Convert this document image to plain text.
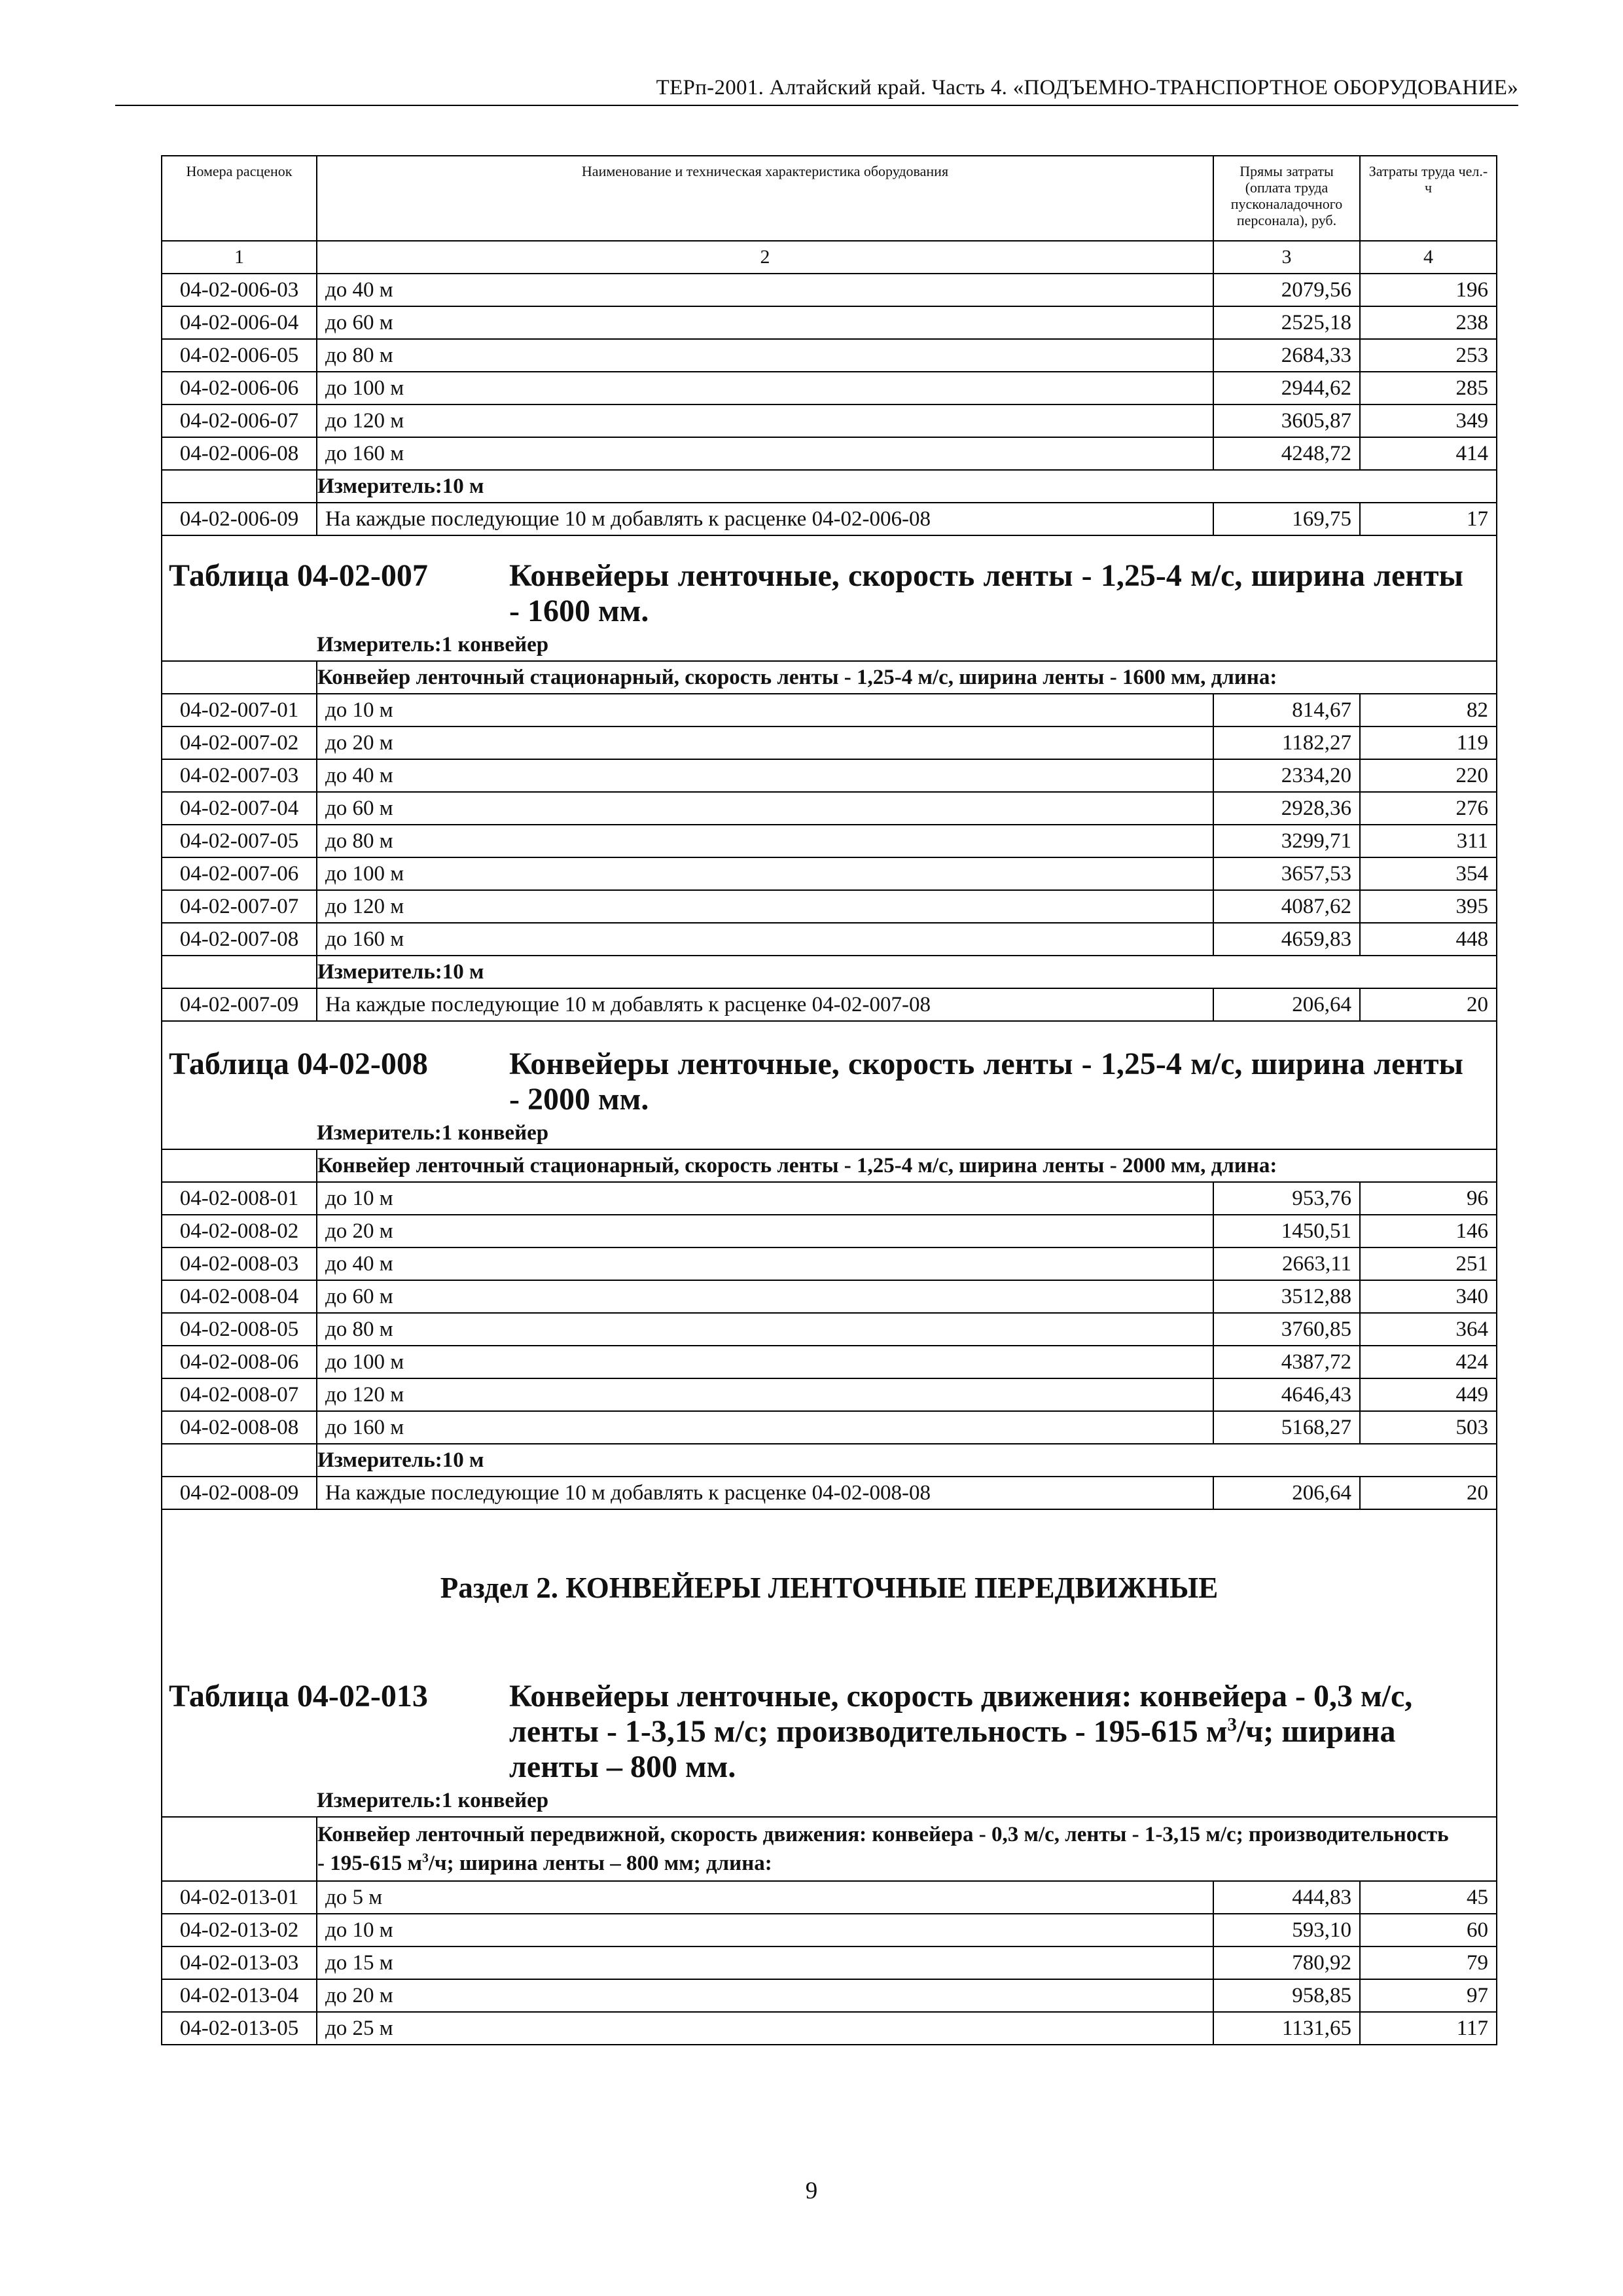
ТЕРп-2001. Алтайский край. Часть 4. «ПОДЪЕМНО-ТРАНСПОРТНОЕ ОБОРУДОВАНИЕ»
Номера расценок	Наименование и техническая характеристика оборудования	Прямы затраты (оплата труда пусконаладочного персонала), руб.	Затраты труда чел.-ч
1	2	3	4
04-02-006-03	до 40 м	2079,56	196
04-02-006-04	до 60 м	2525,18	238
04-02-006-05	до 80 м	2684,33	253
04-02-006-06	до 100 м	2944,62	285
04-02-006-07	до 120 м	3605,87	349
04-02-006-08	до 160 м	4248,72	414
	Измеритель:10 м		
04-02-006-09	На каждые последующие 10 м добавлять к расценке 04-02-006-08	169,75	17

Таблица 04-02-007 Конвейеры ленточные, скорость ленты - 1,25-4 м/с, ширина ленты - 1600 мм.			

	Измеритель:1 конвейер		
	Конвейер ленточный стационарный, скорость ленты - 1,25-4 м/с, ширина ленты - 1600 мм, длина:		
04-02-007-01	до 10 м	814,67	82
04-02-007-02	до 20 м	1182,27	119
04-02-007-03	до 40 м	2334,20	220
04-02-007-04	до 60 м	2928,36	276
04-02-007-05	до 80 м	3299,71	311
04-02-007-06	до 100 м	3657,53	354
04-02-007-07	до 120 м	4087,62	395
04-02-007-08	до 160 м	4659,83	448
	Измеритель:10 м		
04-02-007-09	На каждые последующие 10 м добавлять к расценке 04-02-007-08	206,64	20

Таблица 04-02-008 Конвейеры ленточные, скорость ленты - 1,25-4 м/с, ширина ленты - 2000 мм.			

	Измеритель:1 конвейер		
	Конвейер ленточный стационарный, скорость ленты - 1,25-4 м/с, ширина ленты - 2000 мм, длина:		
04-02-008-01	до 10 м	953,76	96
04-02-008-02	до 20 м	1450,51	146
04-02-008-03	до 40 м	2663,11	251
04-02-008-04	до 60 м	3512,88	340
04-02-008-05	до 80 м	3760,85	364
04-02-008-06	до 100 м	4387,72	424
04-02-008-07	до 120 м	4646,43	449
04-02-008-08	до 160 м	5168,27	503
	Измеритель:10 м		
04-02-008-09	На каждые последующие 10 м добавлять к расценке 04-02-008-08	206,64	20

Раздел 2. КОНВЕЙЕРЫ ЛЕНТОЧНЫЕ ПЕРЕДВИЖНЫЕ
Таблица 04-02-013 Конвейеры ленточные, скорость движения: конвейера - 0,3 м/с, ленты - 1-3,15 м/с; производительность - 195-615 $м^3/ч$; ширина ленты – 800 мм.			

	Измеритель:1 конвейер		
	Конвейер ленточный передвижной, скорость движения: конвейера - 0,3 м/с, ленты - 1-3,15 м/с; производительность - 195-615 $м^3/ч$; ширина ленты – 800 мм; длина:		
04-02-013-01	до 5 м	444,83	45
04-02-013-02	до 10 м	593,10	60
04-02-013-03	до 15 м	780,92	79
04-02-013-04	до 20 м	958,85	97
04-02-013-05	до 25 м	1131,65	117
9
